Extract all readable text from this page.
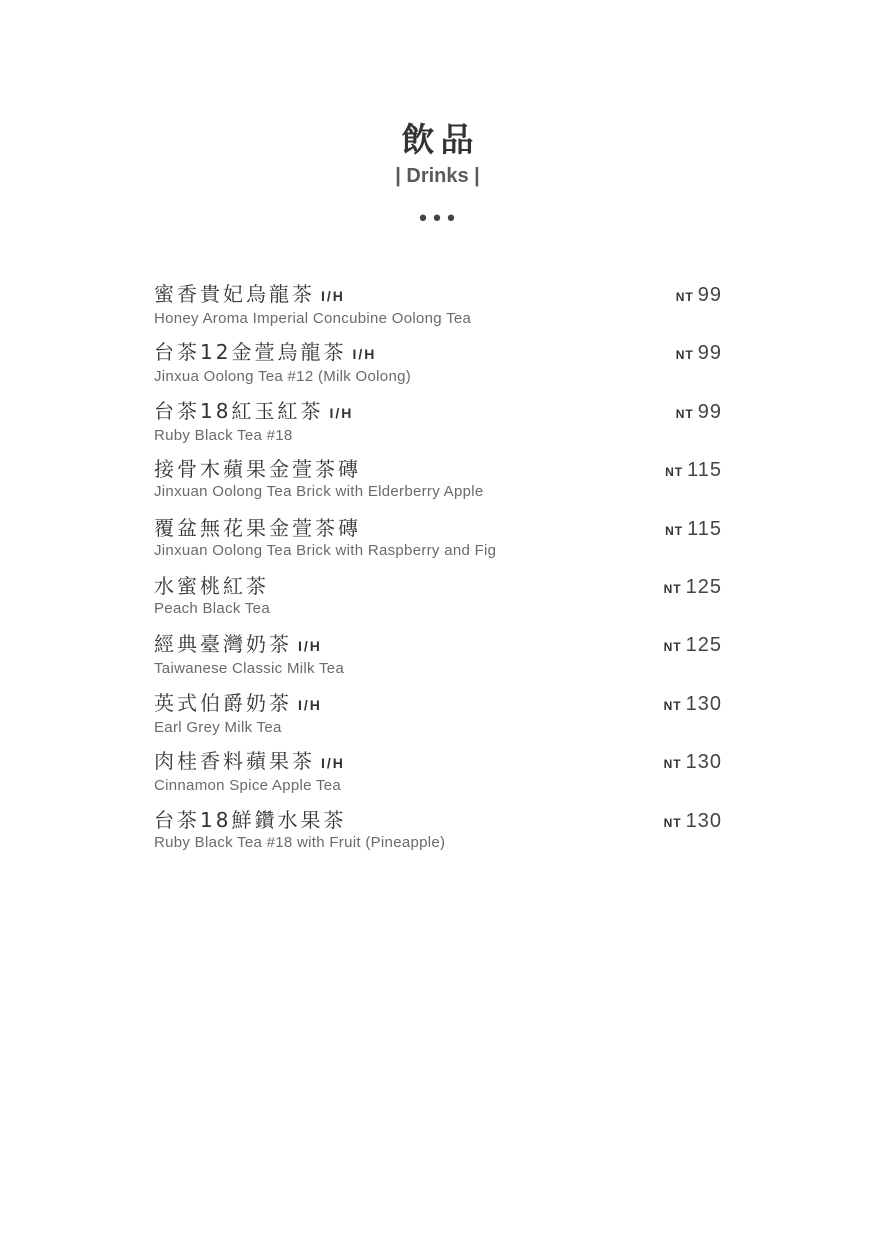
飲品
| Drinks |
•••
蜜香貴妃烏龍茶 I/H
Honey Aroma Imperial Concubine Oolong Tea
NT 99
台茶12金萱烏龍茶 I/H
Jinxua Oolong Tea #12 (Milk Oolong)
NT 99
台茶18紅玉紅茶 I/H
Ruby Black Tea #18
NT 99
接骨木蘋果金萱茶磚
Jinxuan Oolong Tea Brick with Elderberry Apple
NT 115
覆盆無花果金萱茶磚
Jinxuan Oolong Tea Brick with Raspberry and Fig
NT 115
水蜜桃紅茶
Peach Black Tea
NT 125
經典臺灣奶茶 I/H
Taiwanese Classic Milk Tea
NT 125
英式伯爵奶茶 I/H
Earl Grey Milk Tea
NT 130
肉桂香料蘋果茶 I/H
Cinnamon Spice Apple Tea
NT 130
台茶18鮮鑽水果茶
Ruby Black Tea #18 with Fruit (Pineapple)
NT 130
